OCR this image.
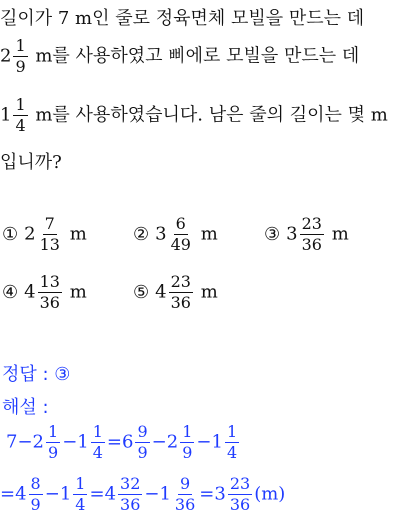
길이가 7 m인 줄로 정육면체 모빌을 만드는 데
$2 \frac{1}{9}$ m를 사용하였고 삐에로 모빌을 만드는 데
$1 \frac{1}{4}$ m를 사용하였습니다. 남은 줄의 길이는 몇 m
입니까?
① $2 \frac{7}{13}$ m	② $3 \frac{6}{49}$ m	③ $3 \frac{23}{36}$ m
④ $4 \frac{13}{36}$ m	⑤ $4 \frac{23}{36}$ m
정답 : ③
해설 :
$7-2 \frac{1}{9} -1 \frac{1}{4} =6 \frac{9}{9} -2 \frac{1}{9} -1 \frac{1}{4}$
$=4 \frac{8}{9} -1 \frac{1}{4} =4 \frac{32}{36} -1 \frac{9}{36} =3 \frac{23}{36} (m)$
